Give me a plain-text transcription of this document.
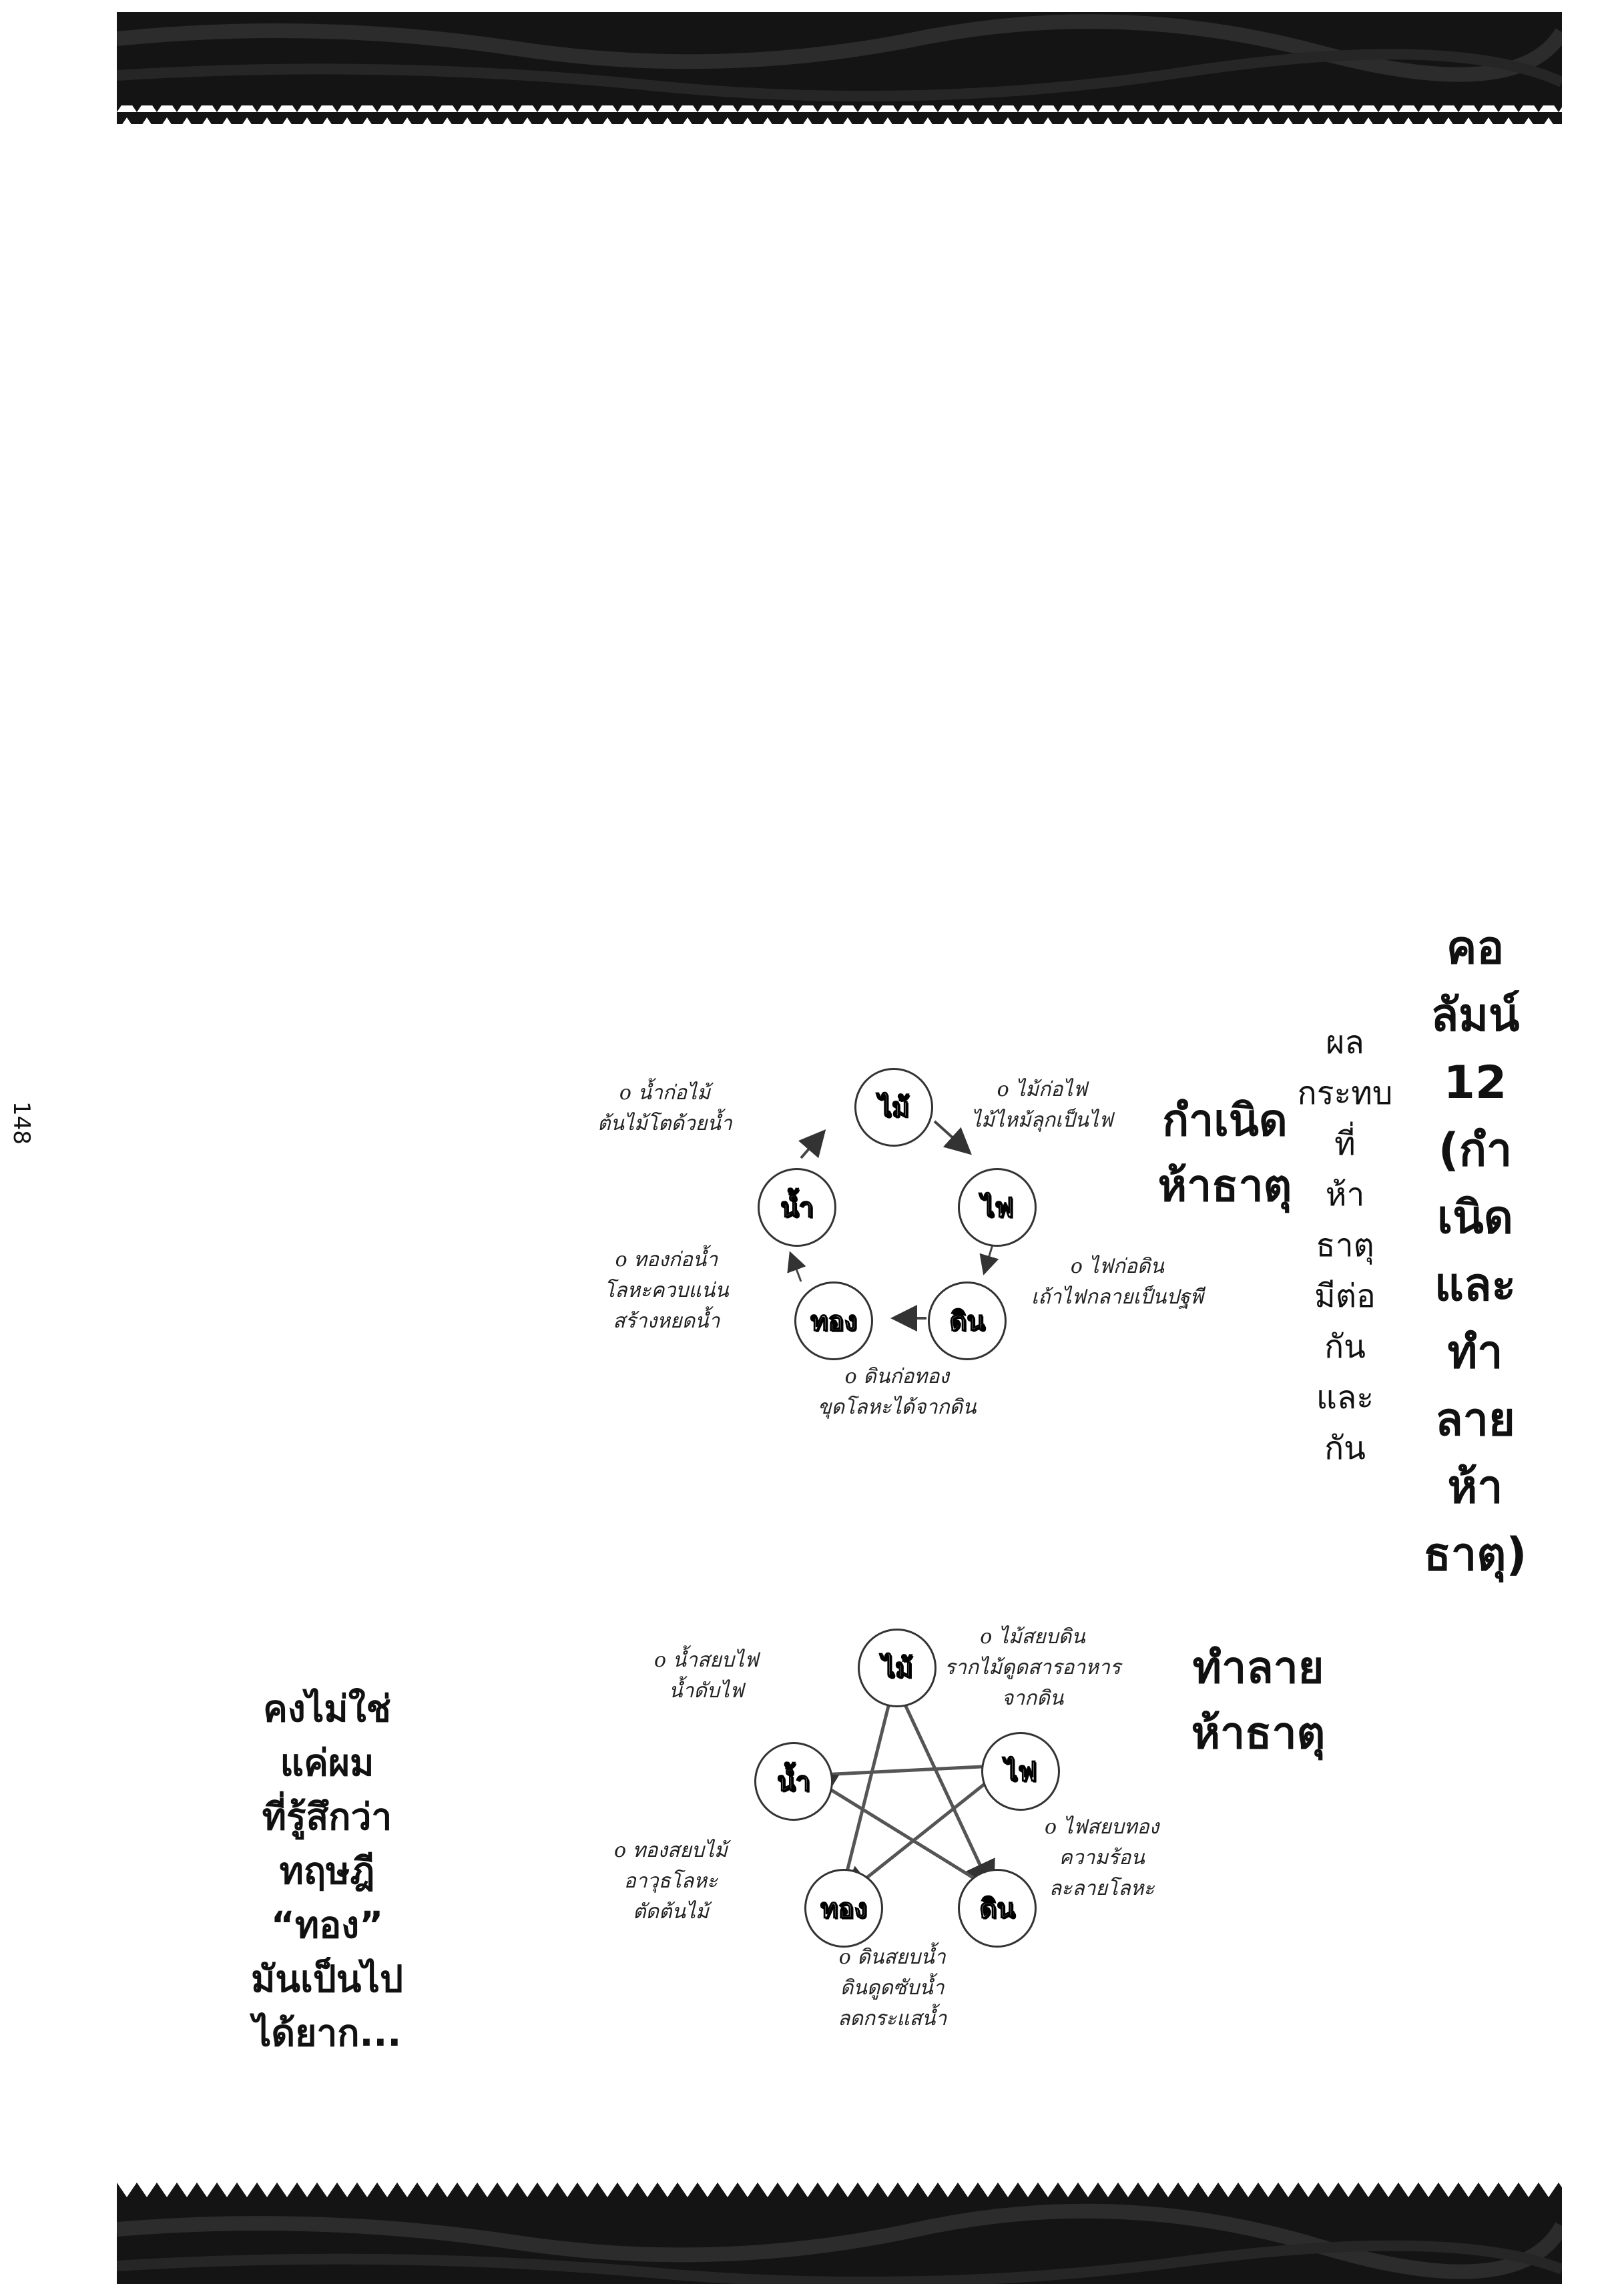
148
คอ
ลัมน์
12
(กำ
เนิด
และ
ทำ
ลาย
ห้า
ธาตุ)
ผล
กระทบ
ที่
ห้า
ธาตุ
มีต่อ
กัน
และ
กัน
กำเนิด
ห้าธาตุ
ไม้
ไฟ
ดิน
ทอง
น้ำ
o น้ำก่อไม้
ต้นไม้โตด้วยน้ำ
o ไม้ก่อไฟ
ไม้ไหม้ลุกเป็นไฟ
o ไฟก่อดิน
เถ้าไฟกลายเป็นปฐพี
o ดินก่อทอง
ขุดโลหะได้จากดิน
o ทองก่อน้ำ
โลหะควบแน่น
สร้างหยดน้ำ
ทำลาย
ห้าธาตุ
ไม้
ไฟ
ดิน
ทอง
น้ำ
o น้ำสยบไฟ
น้ำดับไฟ
o ไม้สยบดิน
รากไม้ดูดสารอาหาร
จากดิน
o ไฟสยบทอง
ความร้อน
ละลายโลหะ
o ดินสยบน้ำ
ดินดูดซับน้ำ
ลดกระแสน้ำ
o ทองสยบไม้
อาวุธโลหะ
ตัดต้นไม้
คงไม่ใช่
แค่ผม
ที่รู้สึกว่า
ทฤษฎี
“ทอง”
มันเป็นไป
ได้ยาก...
